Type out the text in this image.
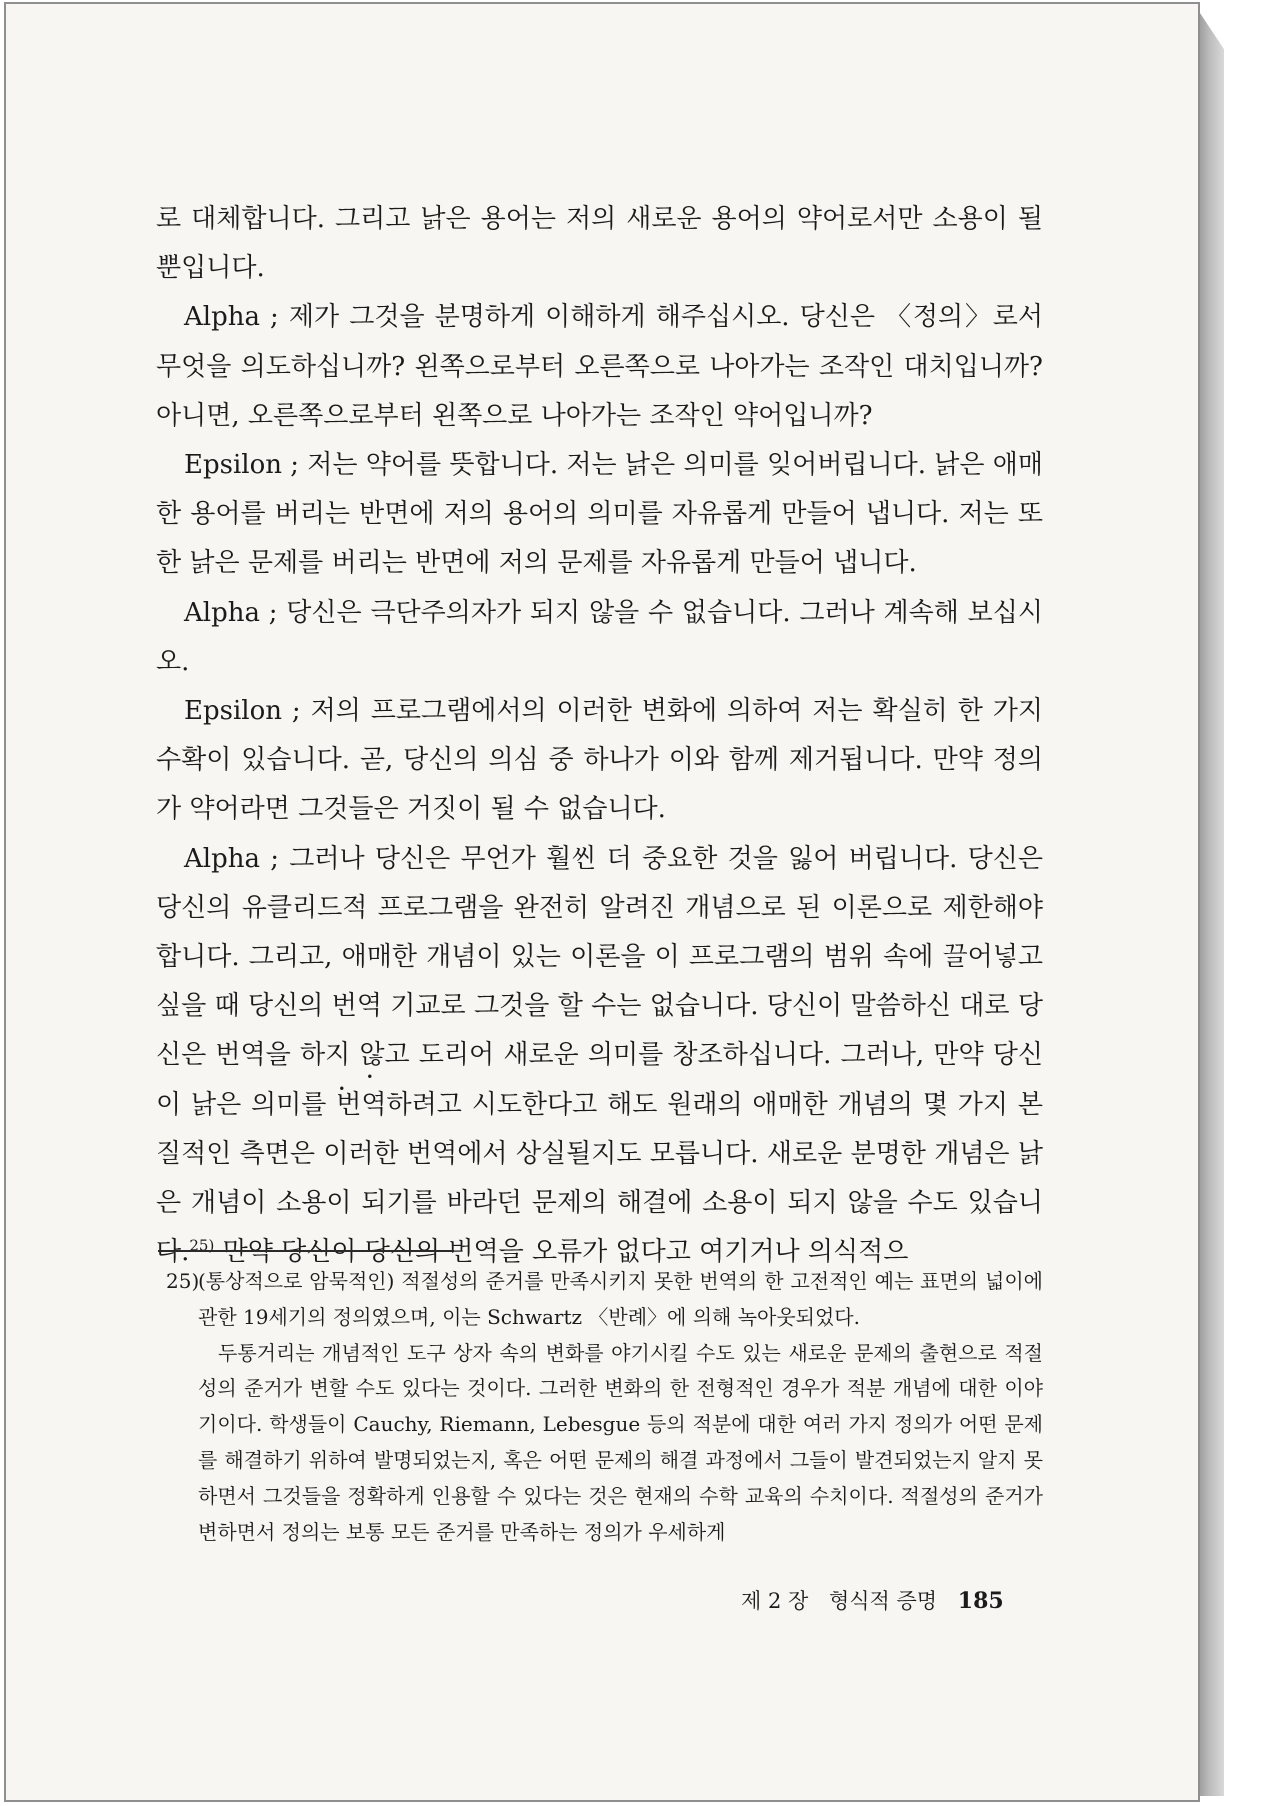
로 대체합니다. 그리고 낡은 용어는 저의 새로운 용어의 약어로서만 소용이 될 뿐입니다.

Alpha ; 제가 그것을 분명하게 이해하게 해주십시오. 당신은 〈정의〉로서 무엇을 의도하십니까? 왼쪽으로부터 오른쪽으로 나아가는 조작인 대치입니까? 아니면, 오른쪽으로부터 왼쪽으로 나아가는 조작인 약어입니까?

Epsilon ; 저는 약어를 뜻합니다. 저는 낡은 의미를 잊어버립니다. 낡은 애매한 용어를 버리는 반면에 저의 용어의 의미를 자유롭게 만들어 냅니다. 저는 또한 낡은 문제를 버리는 반면에 저의 문제를 자유롭게 만들어 냅니다.

Alpha ; 당신은 극단주의자가 되지 않을 수 없습니다. 그러나 계속해 보십시오.

Epsilon ; 저의 프로그램에서의 이러한 변화에 의하여 저는 확실히 한 가지 수확이 있습니다. 곧, 당신의 의심 중 하나가 이와 함께 제거됩니다. 만약 정의가 약어라면 그것들은 거짓이 될 수 없습니다.

Alpha ; 그러나 당신은 무언가 훨씬 더 중요한 것을 잃어 버립니다. 당신은 당신의 유클리드적 프로그램을 완전히 알려진 개념으로 된 이론으로 제한해야 합니다. 그리고, 애매한 개념이 있는 이론을 이 프로그램의 범위 속에 끌어넣고 싶을 때 당신의 번역 기교로 그것을 할 수는 없습니다. 당신이 말씀하신 대로 당신은 번역을 하지 않고 도리어 새로운 의미를 창조하십니다. 그러나, 만약 당신이 낡은 의미를 • • 번역하려고 시도한다고 해도 원래의 애매한 개념의 몇 가지 본질적인 측면은 이러한 번역에서 상실될지도 모릅니다. 새로운 분명한 개념은 낡은 개념이 소용이 되기를 바라던 문제의 해결에 소용이 되지 않을 수도 있습니다.$^{25)}$ 만약 당신이 당신의 번역을 오류가 없다고 여기거나 의식적으

25)(통상적으로 암묵적인) 적절성의 준거를 만족시키지 못한 번역의 한 고전적인 예는 표면의 넓이에 관한 19세기의 정의였으며, 이는 Schwartz 〈반례〉에 의해 녹아웃되었다.

두통거리는 개념적인 도구 상자 속의 변화를 야기시킬 수도 있는 새로운 문제의 출현으로 적절성의 준거가 변할 수도 있다는 것이다. 그러한 변화의 한 전형적인 경우가 적분 개념에 대한 이야기이다. 학생들이 Cauchy, Riemann, Lebesgue 등의 적분에 대한 여러 가지 정의가 어떤 문제를 해결하기 위하여 발명되었는지, 혹은 어떤 문제의 해결 과정에서 그들이 발견되었는지 알지 못하면서 그것들을 정확하게 인용할 수 있다는 것은 현재의 수학 교육의 수치이다. 적절성의 준거가 변하면서 정의는 보통 모든 준거를 만족하는 정의가 우세하게

제 2 장 형식적 증명 185
